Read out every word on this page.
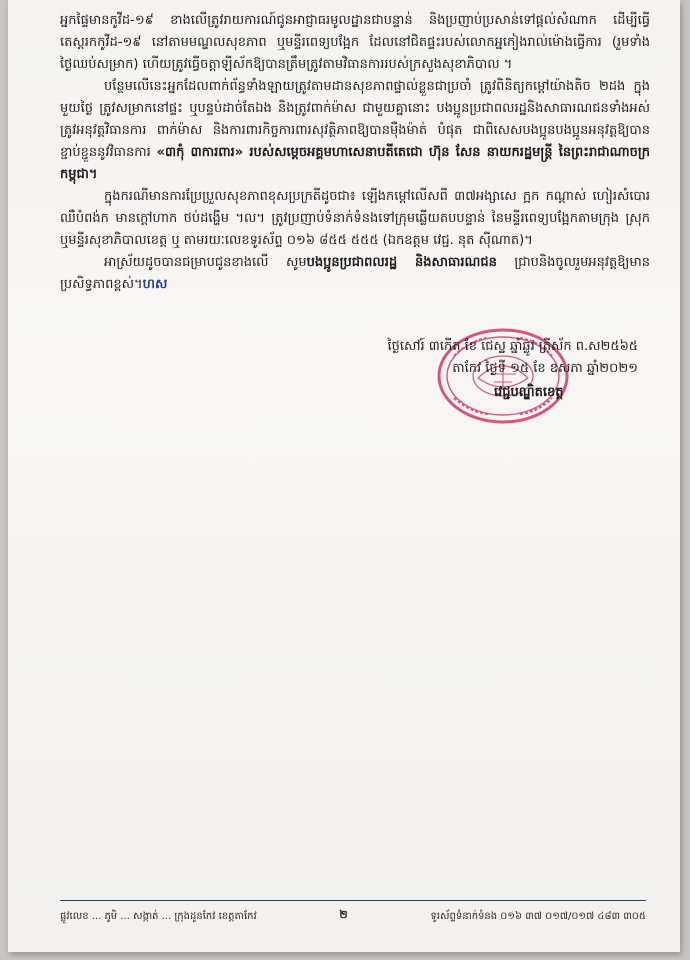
អ្នកផ្ទៃមានកូវីដ-១៩ ខាងលើត្រូវរាយការណ៍ជូនអាជ្ញាធរមូលដ្ឋានជាបន្ទាន់ និងប្រញាប់ប្រសាន់ទៅផ្ដល់សំណាក ដើម្បីធ្វើតេស្តរកកូវីដ-១៩ នៅតាមមណ្ឌលសុខភាព ឬមន្ទីរពេទ្យបង្អែក ដែលនៅជិតផ្ទះរបស់លោកអ្នកៀងរាល់ម៉ោងធ្វើការ (រួមទាំងថ្ងៃឈប់សម្រាក) ហើយត្រូវធ្វើចត្តាឡីស័កឱ្យបានត្រឹមត្រូវតាមវិធានការរបស់ក្រសួងសុខាភិបាល ។

បន្ថែមលើនេះអ្នកដែលពាក់ព័ន្ធទាំងឡាយត្រូវតាមដានសុខភាពផ្ទាល់ខ្លួនជាប្រចាំ ត្រូវពិនិត្យកម្ដៅយ៉ាងតិច ២ដង ក្នុងមួយថ្ងៃ ត្រូវសម្រាកនៅផ្ទះ ឬបន្ទប់ដាច់តែឯង និងត្រូវពាក់ម៉ាស ជាមួយគ្នានោះ បងប្អូនប្រជាពលរដ្ឋនិងសាធារណជនទាំងអស់ត្រូវអនុវត្តវិធានការ ពាក់ម៉ាស និងការពារកិច្ចការពារសុវត្ថិភាពឱ្យបានម៉ឺងម៉ាត់ បំផុត ជាពិសេសបងប្អូនបងប្អូនអនុវត្តឱ្យបានខ្ជាប់ខ្ជួននូវវិធានការ «៣កុំ ៣ការពារ» របស់សម្ដេចអគ្គមហាសេនាបតីតេជោ ហ៊ុន សែន នាយករដ្ឋមន្ត្រី នៃព្រះរាជាណាចក្រកម្ពុជា។

ក្នុងករណីមានការប្រែប្រួលសុខភាពខុសប្រក្រតីដូចជា៖ ឡើងកម្ដៅលើសពី ៣៧អង្សាសេ ក្អក កណ្ដាស់ ហៀរសំបោរ ឈឺបំពង់ក មានក្ដៅហាក ថប់ដង្ហើម ។ល។ ត្រូវប្រញាប់ទំនាក់ទំនងទៅក្រុមឆ្លើយតបបន្ទាន់ នៃមន្ទីរពេទ្យបង្អែកតាមក្រុង ស្រុក ឬមន្ទីរសុខាភិបាលខេត្ត ឬ តាមរយៈលេខទូរស័ព្ទ ០១៦ ៨៥៥ ៥៥៥ (ឯកឧត្តម វេជ្ជ. នុត ស៊ីណាត)។

អាស្រ័យដូចបានជម្រាបជូនខាងលើ សូមបងប្អូនប្រជាពលរដ្ឋ និងសាធារណជន ជ្រាបនិងចូលរួមអនុវត្តឱ្យមានប្រសិទ្ធភាពខ្ពស់។ហស

ថ្ងៃសៅរ៍ ៣កើត ខែ ជេស្ឋ ឆ្នាំឆ្លូវ ត្រីស័ក ព.ស២៥៦៥
តាកែវ ថ្ងៃទី ១៥ ខែ ឧសភា ឆ្នាំ២០២១
វេជ្ជបណ្ឌិតខេត្ត
ផ្លូវលេខ ... ភូមិ ... សង្កាត់ ... ក្រុងដូនកែវ ខេត្តតាកែវ	២	ទូរស័ព្ទទំនាក់ទំនង ០១៦ ៣៧ ០១៧/០១៧ ៤៨៣ ៣០៥
